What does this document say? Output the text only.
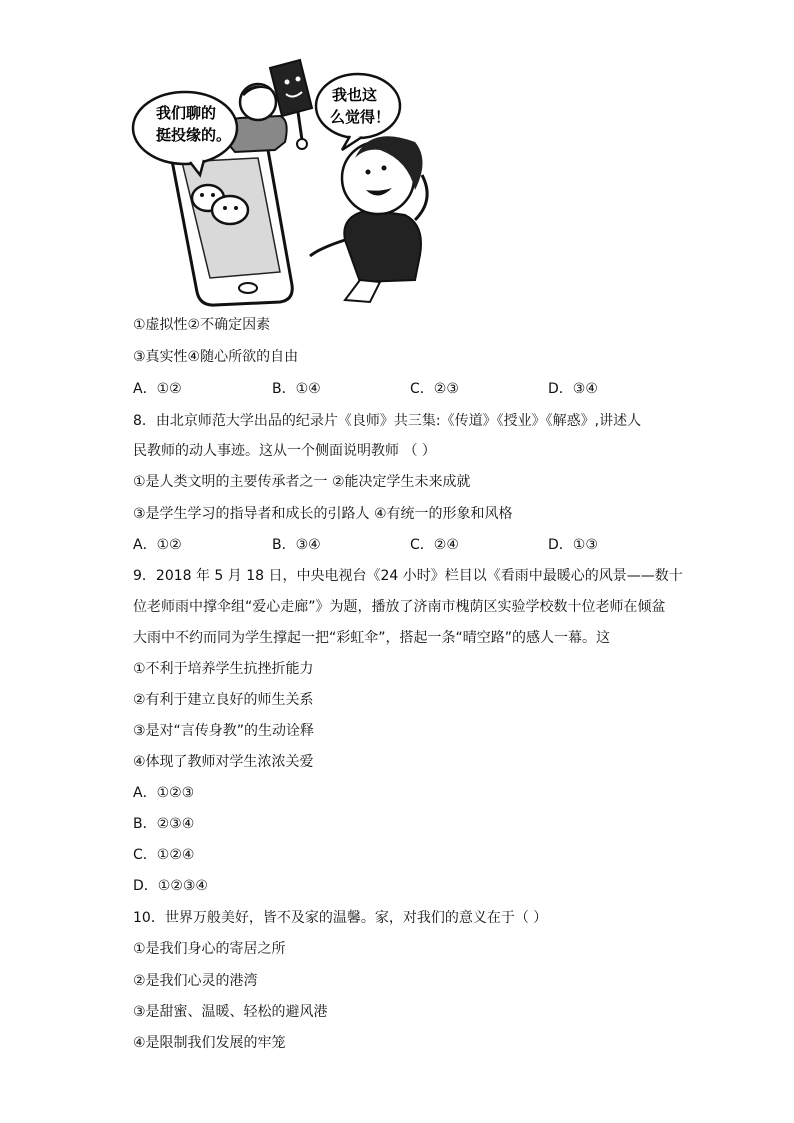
我们聊的
挺投缘的。
我也这
么觉得！
①虚拟性②不确定因素
③真实性④随心所欲的自由
A．①②	B．①④	C．②③	D．③④
8．由北京师范大学出品的纪录片《良师》共三集:《传道》《授业》《解惑》,讲述人
民教师的动人事迹。这从一个侧面说明教师 （ ）
①是人类文明的主要传承者之一 ②能决定学生未来成就
③是学生学习的指导者和成长的引路人 ④有统一的形象和风格
A．①②	B．③④	C．②④	D．①③
9．2018 年 5 月 18 日，中央电视台《24 小时》栏目以《看雨中最暖心的风景——数十
位老师雨中撑伞组“爱心走廊”》为题，播放了济南市槐荫区实验学校数十位老师在倾盆
大雨中不约而同为学生撑起一把“彩虹伞”，搭起一条“晴空路”的感人一幕。这
①不利于培养学生抗挫折能力
②有利于建立良好的师生关系
③是对“言传身教”的生动诠释
④体现了教师对学生浓浓关爱
A．①②③
B．②③④
C．①②④
D．①②③④
10．世界万般美好，皆不及家的温馨。家，对我们的意义在于（ ）
①是我们身心的寄居之所
②是我们心灵的港湾
③是甜蜜、温暖、轻松的避风港
④是限制我们发展的牢笼
